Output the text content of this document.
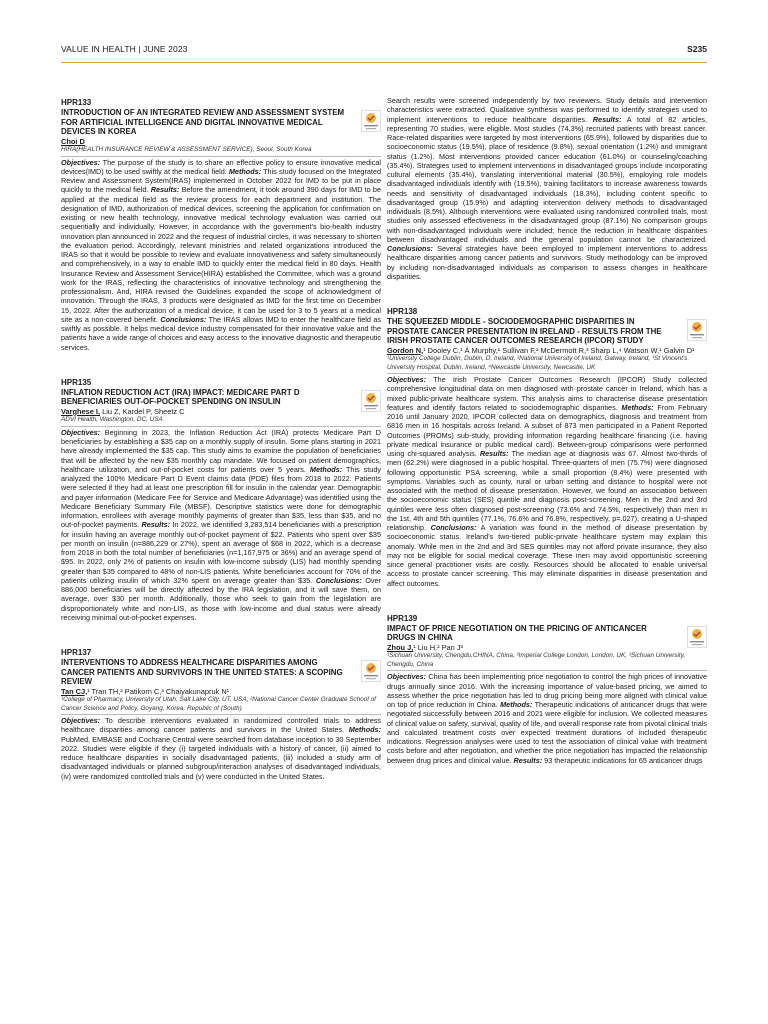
VALUE IN HEALTH | JUNE 2023	S235
HPR133
INTRODUCTION OF AN INTEGRATED REVIEW AND ASSESSMENT SYSTEM FOR ARTIFICIAL INTELLIGENCE AND DIGITAL INNOVATIVE MEDICAL DEVICES IN KOREA
Choi D
HIRA(HEALTH INSURANCE REVIEW & ASSESSMENT SERVICE), Seoul, South Korea
Objectives: The purpose of the study is to share an effective policy to ensure innovative medical devices(IMD) to be used swiftly at the medical field. Methods: This study focused on the Integrated Review and Assessment System(IRAS) implemented in October 2022 for IMD to be put in place quickly to the medical field. Results: Before the amendment, it took around 390 days for IMD to be applied at the medical field as the review process for each department and institution. The designation of IMD, authorization of medical devices, screening the application for confirmation on existing or new health technology, innovative medical technology evaluation was carried out sequentially and individually. However, in accordance with the government's bio-health industry innovation plan announced in 2022 and the request of industrial circles, it was necessary to shorten the evaluation period. Accordingly, relevant ministries and related organizations introduced the IRAS so that it would be possible to review and evaluate innovativeness and safety simultaneously and comprehensively, in a way to enable IMD to quickly enter the medical field in 80 days. Health Insurance Review and Assessment Service(HIRA) established the Committee, which was a ground work for the IRAS, reflecting the characteristics of innovative technology and strengthening the professionalism. And, HIRA revised the Guidelines expanded the scope of acknowledgment of innovation. Through the IRAS, 3 products were designated as IMD for the first time on December 15, 2022. After the authorization of a medical device, it can be used for 3 to 5 years at a medical site as a non-covered benefit. Conclusions: The IRAS allows IMD to enter the healthcare field as swiftly as possible. It helps medical device industry compensated for their innovative value and the patients have a wide range of choices and easy access to the innovative diagnostic and therapeutic services.
HPR135
INFLATION REDUCTION ACT (IRA) IMPACT: MEDICARE PART D BENEFICIARIES OUT-OF-POCKET SPENDING ON INSULIN
Varghese I, Liu Z, Kardel P, Sheetz C
ADVI Health, Washington, DC, USA
Objectives: Beginning in 2023, the Inflation Reduction Act (IRA) protects Medicare Part D beneficiaries by establishing a $35 cap on a monthly supply of insulin. Some plans starting in 2021 have already implemented the $35 cap. This study aims to examine the population of beneficiaries that will be affected by the new $35 monthly cap mandate. We focused on patient demographics, healthcare utilization, and out-of-pocket costs for patients over 5 years. Methods: This study analyzed the 100% Medicare Part D Event claims data (PDE) files from 2018 to 2022. Patients were selected if they had at least one prescription fill for insulin in the calendar year. Demographic and payer information (Medicare Fee for Service and Medicare Advantage) was identified using the Medicare Beneficiary Summary File (MBSF). Descriptive statistics were done for demographic information, enrollees with average monthly payments of greater than $35, less than $35, and no out-of-pocket payments. Results: In 2022, we identified 3,283,514 beneficiaries with a prescription for insulin having an average monthly out-of-pocket payment of $22. Patients who spent over $35 per month on insulin (n=886,229 or 27%), spent an average of $68 in 2022, which is a decrease from 2018 in both the total number of beneficiaries (n=1,167,975 or 36%) and an average spend of $95. In 2022, only 2% of patients on insulin with low-income subsidy (LIS) had monthly spending greater than $35 compared to 48% of non-LIS patients. White beneficiaries account for 70% of the patients utilizing insulin of which 32% spent on average greater than $35. Conclusions: Over 886,000 beneficiaries will be directly affected by the IRA legislation, and it will save them, on average, over $30 per month. Additionally, those who seek to gain from the legislation are disproportionately white and non-LIS, as those with low-income and dual status were already receiving minimal out-of-pocket expenses.
HPR137
INTERVENTIONS TO ADDRESS HEALTHCARE DISPARITIES AMONG CANCER PATIENTS AND SURVIVORS IN THE UNITED STATES: A SCOPING REVIEW
Tan CJ,¹ Tran TH,² Patikorn C,³ Chaiyakunapruk N¹
¹College of Pharmacy, University of Utah, Salt Lake City, UT, USA, ²National Cancer Center Graduate School of Cancer Science and Policy, Goyang, Korea, Republic of (South)
Objectives: To describe interventions evaluated in randomized controlled trials to address healthcare disparities among cancer patients and survivors in the United States. Methods: PubMed, EMBASE and Cochrane Central were searched from database inception to 30 September 2022. Studies were eligible if they (i) targeted individuals with a history of cancer, (ii) aimed to reduce healthcare disparities in socially disadvantaged patients, (iii) included a study arm of disadvantaged individuals or planned subgroup/interaction analyses of disadvantaged individuals, (iv) were randomized controlled trials and (v) were conducted in the United States.
Search results were screened independently by two reviewers. Study details and intervention characteristics were extracted. Qualitative synthesis was performed to identify strategies used to implement interventions to reduce healthcare disparities. Results: A total of 82 articles, representing 70 studies, were eligible. Most studies (74.3%) recruited patients with breast cancer. Race-related disparities were targeted by most interventions (65.9%), followed by disparities due to socioeconomic status (19.5%), place of residence (9.8%), sexual orientation (1.2%) and immigrant status (1.2%). Most interventions provided cancer education (61.0%) or counseling/coaching (35.4%). Strategies used to implement interventions in disadvantaged groups include incorporating cultural elements (35.4%), translating interventional material (30.5%), employing role models disadvantaged individuals identify with (19.5%), training facilitators to increase awareness towards needs and sensitivity of disadvantaged individuals (18.3%), including content specific to disadvantaged group (15.9%) and adapting intervention delivery methods to disadvantaged individuals (8.5%). Although interventions were evaluated using randomized controlled trials, most studies only assessed effectiveness in the disadvantaged group (87.1%) No comparison groups with non-disadvantaged individuals were included; hence the reduction in healthcare disparities between disadvantaged individuals and the general population cannot be characterized. Conclusions: Several strategies have been employed to implement interventions to address healthcare disparities among cancer patients and survivors. Study methodology can be improved by including non-disadvantaged individuals as comparison to assess changes in healthcare disparities.
HPR138
THE SQUEEZED MIDDLE - SOCIODEMOGRAPHIC DISPARITIES IN PROSTATE CANCER PRESENTATION IN IRELAND - RESULTS FROM THE IRISH PROSTATE CANCER OUTCOMES RESEARCH (IPCOR) STUDY
Gordon N,¹ Dooley C,¹ Á Murphy,¹ Sullivan F,² McDermott R,³ Sharp L,⁴ Watson W,¹ Galvin D¹
¹University College Dublin, Dublin, D, Ireland, ²National University of Ireland, Galway, Ireland, ³St Vincent's University Hospital, Dublin, Ireland, ⁴Newcastle University, Newcastle, UK
Objectives: The Irish Prostate Cancer Outcomes Research (IPCOR) Study collected comprehensive longitudinal data on men diagnosed with prostate cancer in Ireland, which has a mixed public-private healthcare system. This analysis aims to characterise disease presentation features and identify factors related to sociodemographic disparities. Methods: From February 2016 until January 2020, IPCOR collected data on demographics, diagnosis and treatment from 6816 men in 16 hospitals across Ireland. A subset of 873 men participated in a Patient Reported Outcomes (PROMs) sub-study, providing information regarding healthcare financing (i.e. having private medical insurance or public medical card). Between-group comparisons were performed using chi-squared analysis. Results: The median age at diagnosis was 67. Almost two-thirds of men (62.2%) were diagnosed in a public hospital. Three-quarters of men (75.7%) were diagnosed following opportunistic PSA screening, while a small proportion (8.4%) were presented with symptoms. Variables such as county, rural or urban setting and distance to hospital were not associated with the method of disease presentation. However, we found an association between the socioeconomic status (SES) quintile and diagnosis post-screening. Men in the 2nd and 3rd quintiles were less often diagnosed post-screening (73.6% and 74.5%, respectively) than men in the 1st, 4th and 5th quintiles (77.1%, 76.6% and 76.8%, respectively, p=.027), creating a U-shaped relationship. Conclusions: A variation was found in the method of disease presentation by socioeconomic status. Ireland's two-tiered public-private healthcare system may explain this anomaly. While men in the 2nd and 3rd SES quintiles may not afford private insurance, they also may not be eligible for social medical coverage. These men may avoid opportunistic screening since general practitioner visits are costly. Resources should be allocated to enable universal access to prostate cancer screening. This may eliminate disparities in disease presentation and affect outcomes.
HPR139
IMPACT OF PRICE NEGOTIATION ON THE PRICING OF ANTICANCER DRUGS IN CHINA
Zhou J,¹ Liu H,² Pan J³
¹Sichuan University, Chengdu,CHINA, China, ²Imperial College London, London, UK, ³Sichuan University, Chengdu, China
Objectives: China has been implementing price negotiation to control the high prices of innovative drugs annually since 2016. With the increasing importance of value-based pricing, we aimed to assess whether the price negotiation has led to drug pricing being more aligned with clinical value on top of price reduction in China. Methods: Therapeutic indications of anticancer drugs that were negotiated successfully between 2016 and 2021 were eligible for inclusion. We collected measures of clinical value on safety, survival, quality of life, and overall response rate from pivotal clinical trials and calculated treatment costs over expected treatment durations of included therapeutic indications. Regression analyses were used to test the association of clinical value with treatment costs before and after negotiation, and whether the price negotiation has impacted the relationship between drug prices and clinical value. Results: 93 therapeutic indications for 65 anticancer drugs
